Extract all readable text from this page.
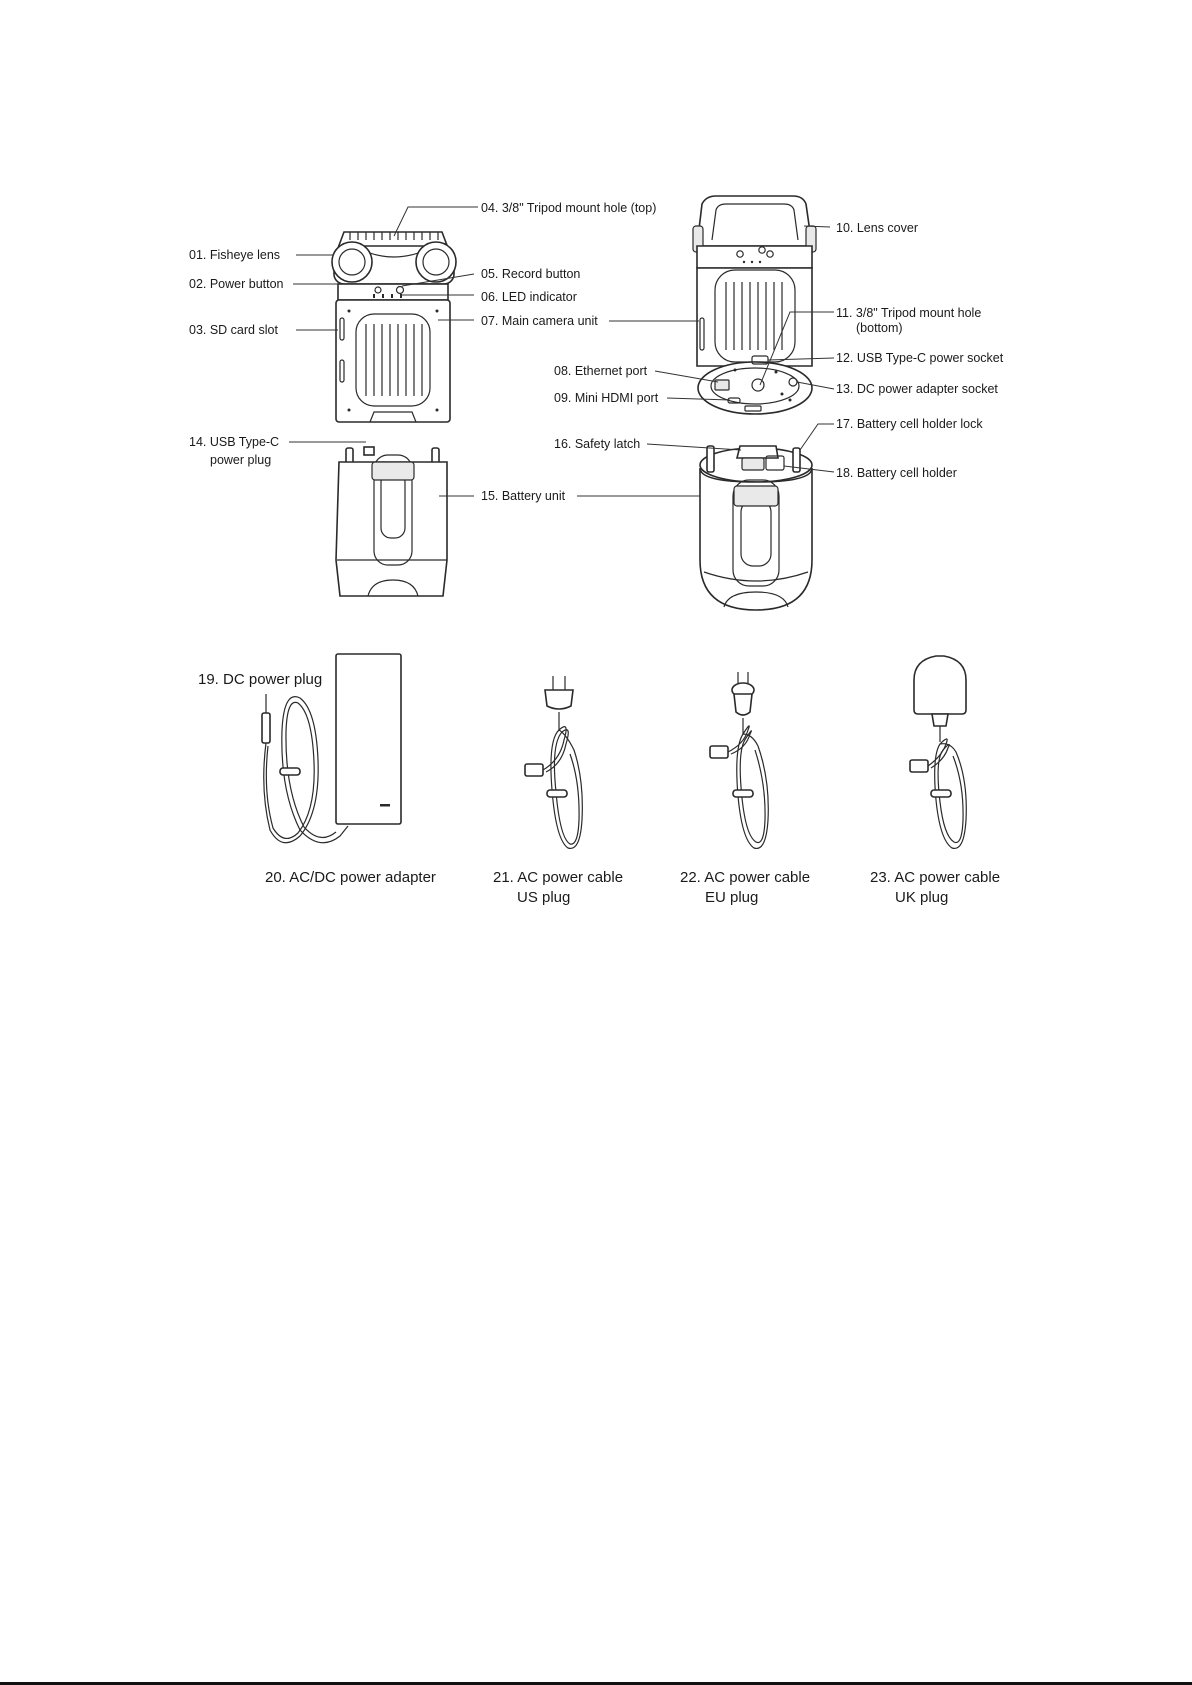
01. Fisheye lens
02. Power button
03. SD card slot
04. 3/8" Tripod mount hole (top)
05. Record button
06. LED indicator
07. Main camera unit
08. Ethernet port
09. Mini HDMI port
10. Lens cover
11. 3/8" Tripod mount hole
(bottom)
12. USB Type-C power socket
13. DC power adapter socket
14. USB Type-C
power plug
15. Battery unit
16. Safety latch
17. Battery cell holder lock
18. Battery cell holder
19. DC power plug
20. AC/DC power adapter	21. AC power cable
US plug
22. AC power cable
EU plug
23. AC power cable
UK plug
